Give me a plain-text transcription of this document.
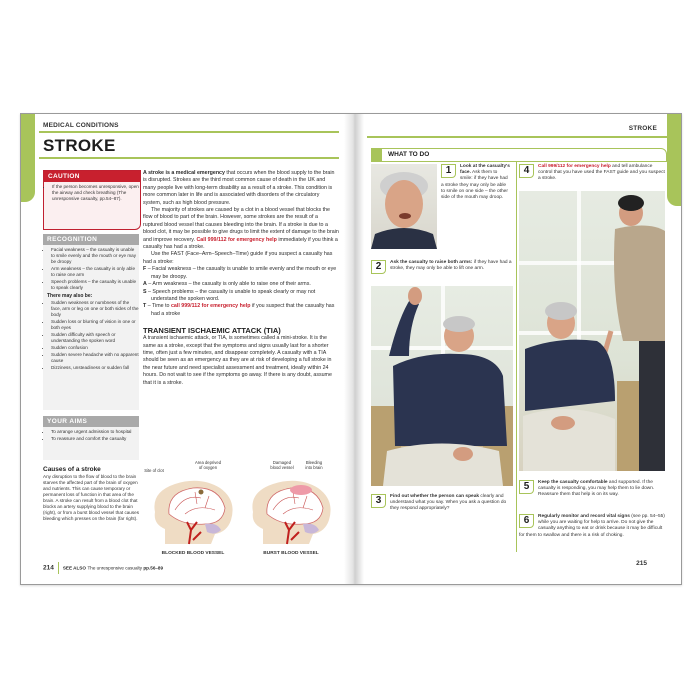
MEDICAL CONDITIONS
STROKE
CAUTION
• If the person becomes unresponsive, open the airway and check breathing (The unresponsive casualty, pp.54–87).
RECOGNITION
• Facial weakness – the casualty is unable to smile evenly and the mouth or eye may be droopy
• Arm weakness – the casualty is only able to raise one arm
• Speech problems – the casualty is unable to speak clearly
There may also be:
• Sudden weakness or numbness of the face, arm or leg on one or both sides of the body
• Sudden loss or blurring of vision in one or both eyes
• Sudden difficulty with speech or understanding the spoken word
• Sudden confusion
• Sudden severe headache with no apparent cause
• Dizziness, unsteadiness or sudden fall
YOUR AIMS
• To arrange urgent admission to hospital
• To reassure and comfort the casualty
Causes of a stroke
Any disruption to the flow of blood to the brain starves the affected part of the brain of oxygen and nutrients. This can cause temporary or permanent loss of function in that area of the brain. A stroke can result from a blood clot that blocks an artery supplying blood to the brain (right), or from a burst blood vessel that causes bleeding which presses on the brain (far right).

A stroke is a medical emergency that occurs when the blood supply to the brain is disrupted. Strokes are the third most common cause of death in the UK and many people live with long-term disability as a result of a stroke. This condition is more common later in life and is associated with disorders of the circulatory system, such as high blood pressure.

The majority of strokes are caused by a clot in a blood vessel that blocks the flow of blood to part of the brain. However, some strokes are the result of a ruptured blood vessel that causes bleeding into the brain. If a stroke is due to a blood clot, it may be possible to give drugs to limit the extent of damage to the brain and improve recovery. Call 999/112 for emergency help immediately if you think a casualty has had a stroke.

Use the FAST (Face–Arm–Speech–Time) guide if you suspect a casualty has had a stroke:

F – Facial weakness – the casualty is unable to smile evenly and the mouth or eye may be droopy.
A – Arm weakness – the casualty is only able to raise one of their arms.
S – Speech problems – the casualty is unable to speak clearly or may not understand the spoken word.
T – Time to call 999/112 for emergency help if you suspect that the casualty has had a stroke
TRANSIENT ISCHAEMIC ATTACK (TIA)

A transient ischaemic attack, or TIA, is sometimes called a mini-stroke. It is the same as a stroke, except that the symptoms and signs usually last for a shorter time, often just a few minutes, and disappear completely. A casualty with a TIA should be seen as an emergency as they are at risk of developing a full stroke in the near future and need specialist assessment and treatment, ideally within 24 hours. Do not wait to see if the symptoms go away. If there is any doubt, assume that it is a stroke.

Site of clot
Area deprived of oxygen
BLOCKED BLOOD VESSEL
Damaged blood vessel
Bleeding into brain
BURST BLOOD VESSEL
214 SEE ALSO The unresponsive casualty pp.56–89
STROKE
WHAT TO DO
1	Look at the casualty's face. Ask them to smile: if they have had a stroke they may only be able to smile on one side – the other side of the mouth may droop.
2	Ask the casualty to raise both arms: if they have had a stroke, they may only be able to lift one arm.
3	Find out whether the person can speak clearly and understand what you say. When you ask a question do they respond appropriately?
4	Call 999/112 for emergency help and tell ambulance control that you have used the FAST guide and you suspect a stroke.
5	Keep the casualty comfortable and supported. If the casualty is responding, you may help them to lie down. Reassure them that help is on its way.
6	Regularly monitor and record vital signs (see pp. 54–55) while you are waiting for help to arrive. Do not give the casualty anything to eat or drink because it may be difficult for them to swallow and there is a risk of choking.
215
